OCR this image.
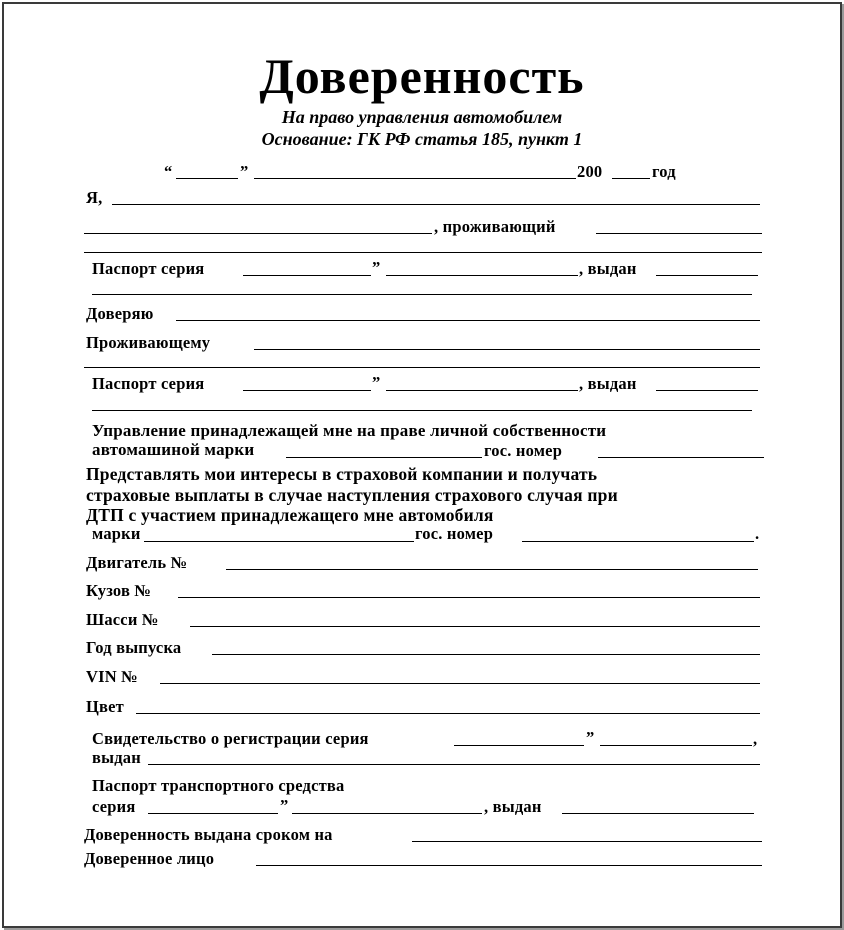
Доверенность
На право управления автомобилем
Основание: ГК РФ статья 185, пункт 1
“	”	200	год
Я,
, проживающий
Паспорт серия	”	, выдан
Доверяю
Проживающему
Паспорт серия	”	, выдан
Управление принадлежащей мне на праве личной собственности
автомашиной марки	гос. номер
Представлять мои интересы в страховой компании и получать
страховые выплаты в случае наступления страхового случая при
ДТП с участием принадлежащего мне автомобиля
марки	гос. номер	.
Двигатель №
Кузов №
Шасси №
Год выпуска
VIN №
Цвет
Свидетельство о регистрации серия	”	,
выдан
Паспорт транспортного средства
серия	”	, выдан
Доверенность выдана сроком на
Доверенное лицо
